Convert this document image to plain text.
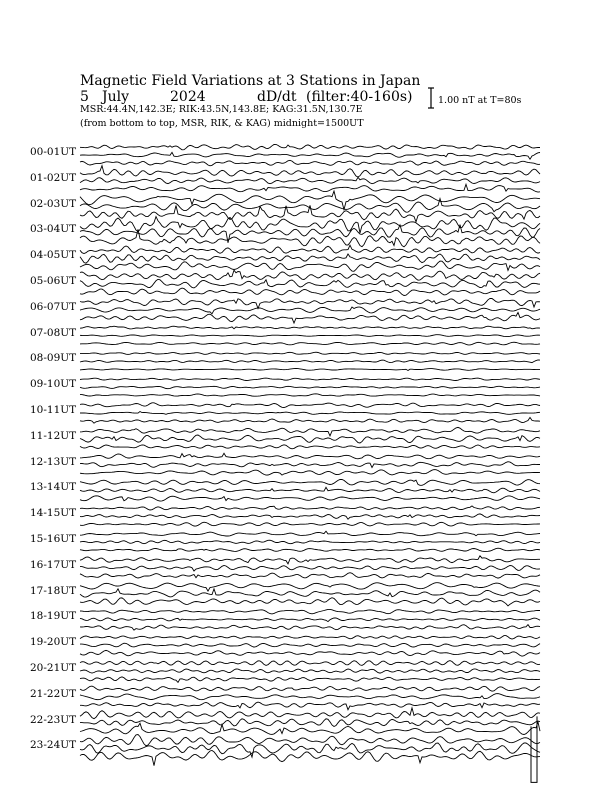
Magnetic Field Variations at 3 Stations in Japan
5 July	2024	dD/dt (filter:40-160s)
MSR:44.4N,142.3E; RIK:43.5N,143.8E; KAG:31.5N,130.7E
(from bottom to top, MSR, RIK, & KAG) midnight=1500UT
1.00 nT at T=80s
00-01UT
01-02UT
02-03UT
03-04UT
04-05UT
05-06UT
06-07UT
07-08UT
08-09UT
09-10UT
10-11UT
11-12UT
12-13UT
13-14UT
14-15UT
15-16UT
16-17UT
17-18UT
18-19UT
19-20UT
20-21UT
21-22UT
22-23UT
23-24UT
